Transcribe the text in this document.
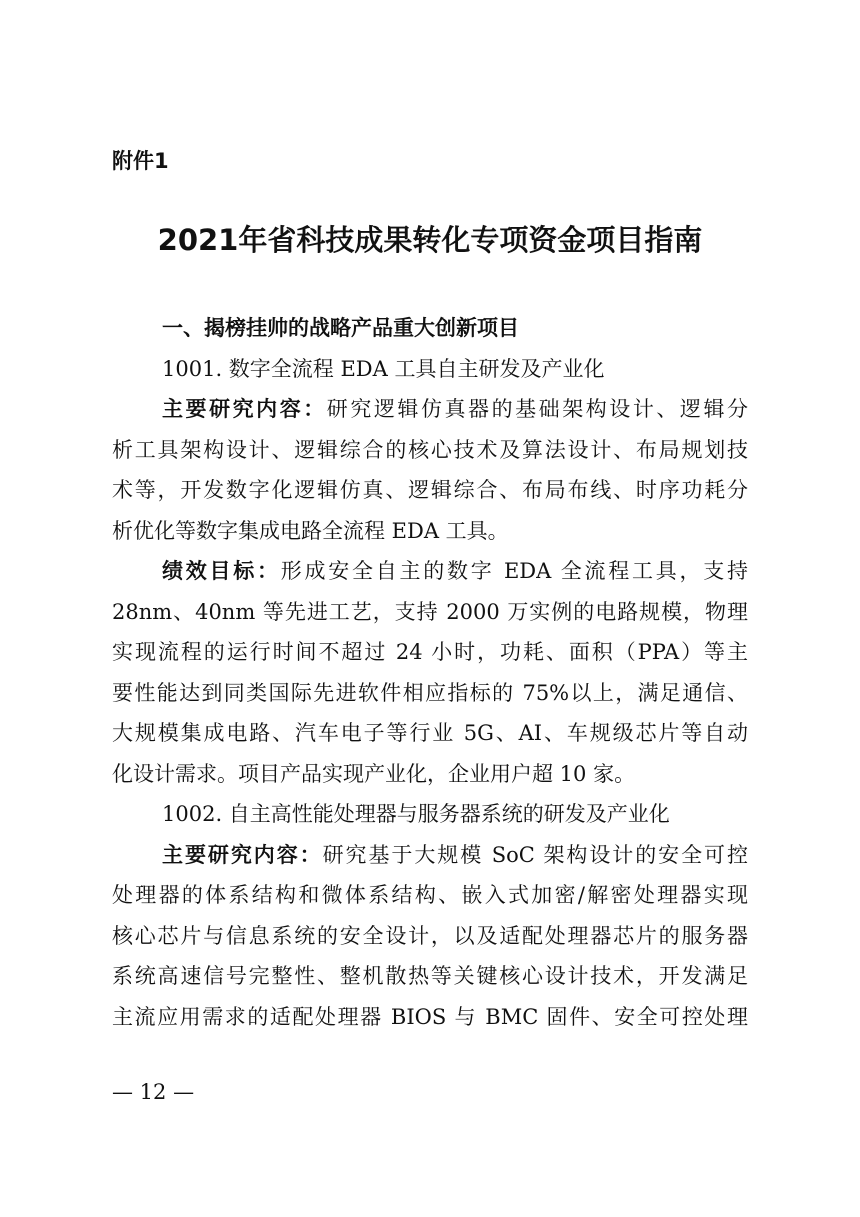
附件1
2021年省科技成果转化专项资金项目指南
一、揭榜挂帅的战略产品重大创新项目
1001. 数字全流程 EDA 工具自主研发及产业化
主要研究内容：研究逻辑仿真器的基础架构设计、逻辑分
析工具架构设计、逻辑综合的核心技术及算法设计、布局规划技
术等，开发数字化逻辑仿真、逻辑综合、布局布线、时序功耗分
析优化等数字集成电路全流程 EDA 工具。
绩效目标：形成安全自主的数字 EDA 全流程工具，支持
28nm、40nm 等先进工艺，支持 2000 万实例的电路规模，物理
实现流程的运行时间不超过 24 小时，功耗、面积（PPA）等主
要性能达到同类国际先进软件相应指标的 75%以上，满足通信、
大规模集成电路、汽车电子等行业 5G、AI、车规级芯片等自动
化设计需求。项目产品实现产业化，企业用户超 10 家。
1002. 自主高性能处理器与服务器系统的研发及产业化
主要研究内容：研究基于大规模 SoC 架构设计的安全可控
处理器的体系结构和微体系结构、嵌入式加密/解密处理器实现
核心芯片与信息系统的安全设计，以及适配处理器芯片的服务器
系统高速信号完整性、整机散热等关键核心设计技术，开发满足
主流应用需求的适配处理器 BIOS 与 BMC 固件、安全可控处理
— 12 —
